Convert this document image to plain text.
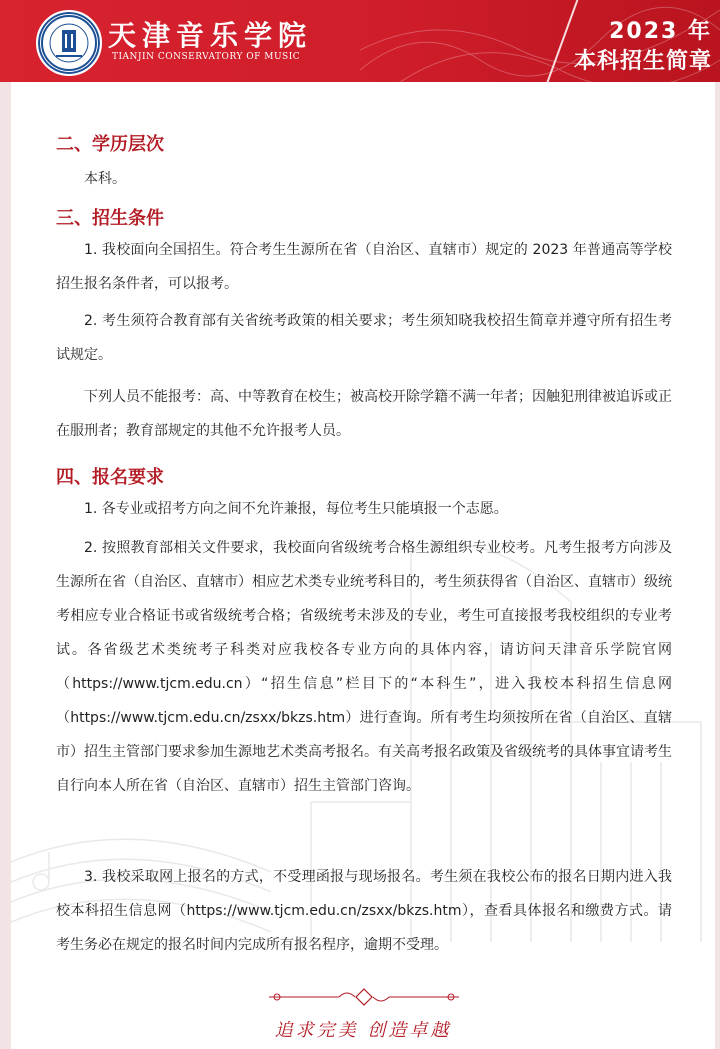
天津音乐学院
TIANJIN CONSERVATORY OF MUSIC
2023 年
本科招生简章
二、学历层次

本科。

三、招生条件

1. 我校面向全国招生。符合考生生源所在省（自治区、直辖市）规定的 2023 年普通高等学校招生报名条件者，可以报考。

2. 考生须符合教育部有关省统考政策的相关要求；考生须知晓我校招生简章并遵守所有招生考试规定。

下列人员不能报考：高、中等教育在校生；被高校开除学籍不满一年者；因触犯刑律被追诉或正在服刑者；教育部规定的其他不允许报考人员。

四、报名要求

1. 各专业或招考方向之间不允许兼报，每位考生只能填报一个志愿。

2. 按照教育部相关文件要求，我校面向省级统考合格生源组织专业校考。凡考生报考方向涉及生源所在省（自治区、直辖市）相应艺术类专业统考科目的，考生须获得省（自治区、直辖市）级统考相应专业合格证书或省级统考合格；省级统考未涉及的专业，考生可直接报考我校组织的专业考试。各省级艺术类统考子科类对应我校各专业方向的具体内容，请访问天津音乐学院官网（https://www.tjcm.edu.cn）“招生信息”栏目下的“本科生”，进入我校本科招生信息网（https://www.tjcm.edu.cn/zsxx/bkzs.htm）进行查询。所有考生均须按所在省（自治区、直辖市）招生主管部门要求参加生源地艺术类高考报名。有关高考报名政策及省级统考的具体事宜请考生自行向本人所在省（自治区、直辖市）招生主管部门咨询。

3. 我校采取网上报名的方式，不受理函报与现场报名。考生须在我校公布的报名日期内进入我校本科招生信息网（https://www.tjcm.edu.cn/zsxx/bkzs.htm），查看具体报名和缴费方式。请考生务必在规定的报名时间内完成所有报名程序，逾期不受理。

追求完美 创造卓越
